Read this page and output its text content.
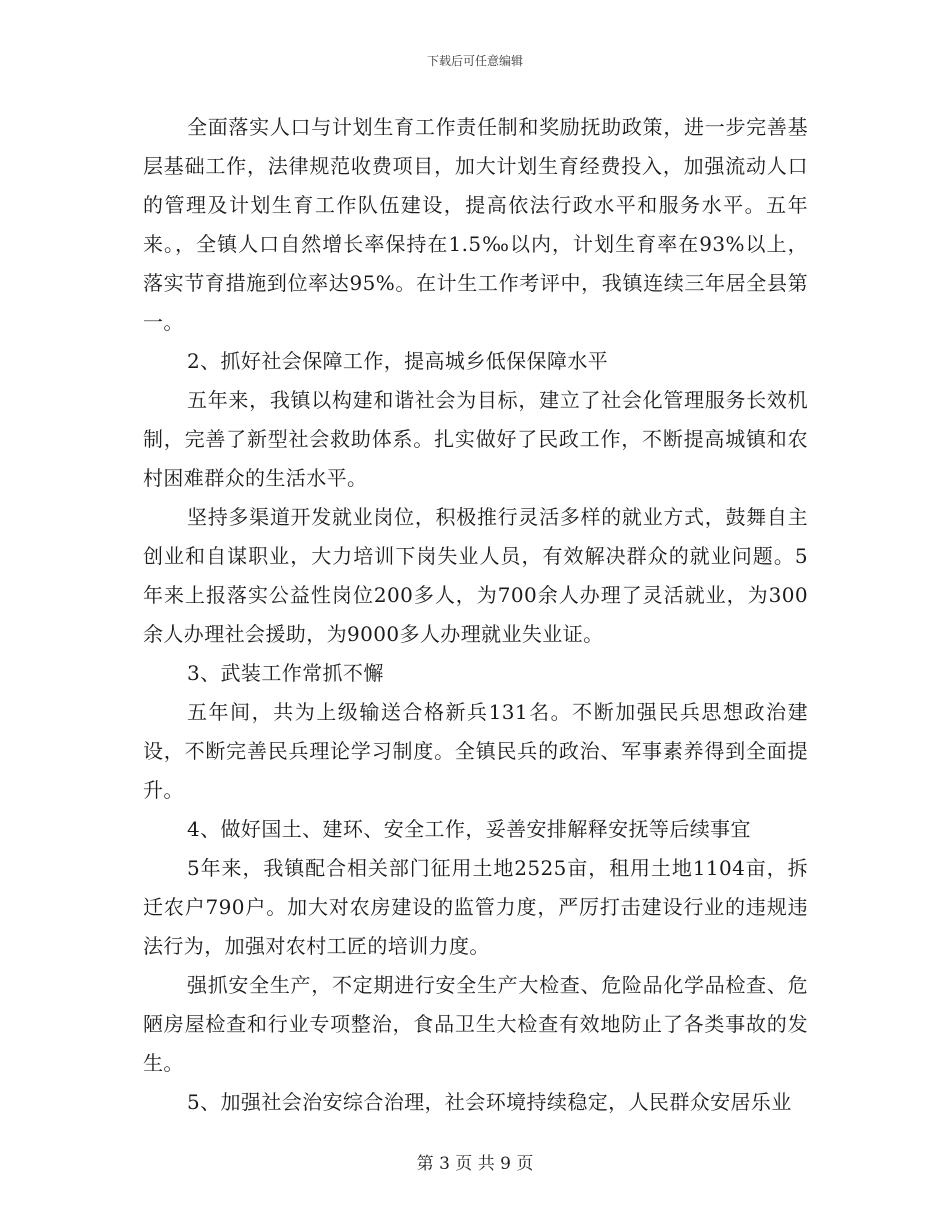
下载后可任意编辑

全面落实人口与计划生育工作责任制和奖励抚助政策，进一步完善基层基础工作，法律规范收费项目，加大计划生育经费投入，加强流动人口的管理及计划生育工作队伍建设，提高依法行政水平和服务水平。五年来。，全镇人口自然增长率保持在1.5‰以内，计划生育率在93%以上，落实节育措施到位率达95%。在计生工作考评中，我镇连续三年居全县第一。

2、抓好社会保障工作，提高城乡低保保障水平

五年来，我镇以构建和谐社会为目标，建立了社会化管理服务长效机制，完善了新型社会救助体系。扎实做好了民政工作，不断提高城镇和农村困难群众的生活水平。

坚持多渠道开发就业岗位，积极推行灵活多样的就业方式，鼓舞自主创业和自谋职业，大力培训下岗失业人员，有效解决群众的就业问题。5年来上报落实公益性岗位200多人，为700余人办理了灵活就业，为300余人办理社会援助，为9000多人办理就业失业证。

3、武装工作常抓不懈

五年间，共为上级输送合格新兵131名。不断加强民兵思想政治建设，不断完善民兵理论学习制度。全镇民兵的政治、军事素养得到全面提升。

4、做好国土、建环、安全工作，妥善安排解释安抚等后续事宜

5年来，我镇配合相关部门征用土地2525亩，租用土地1104亩，拆迁农户790户。加大对农房建设的监管力度，严厉打击建设行业的违规违法行为，加强对农村工匠的培训力度。

强抓安全生产，不定期进行安全生产大检查、危险品化学品检查、危陋房屋检查和行业专项整治，食品卫生大检查有效地防止了各类事故的发生。

5、加强社会治安综合治理，社会环境持续稳定，人民群众安居乐业

第 3 页 共 9 页
